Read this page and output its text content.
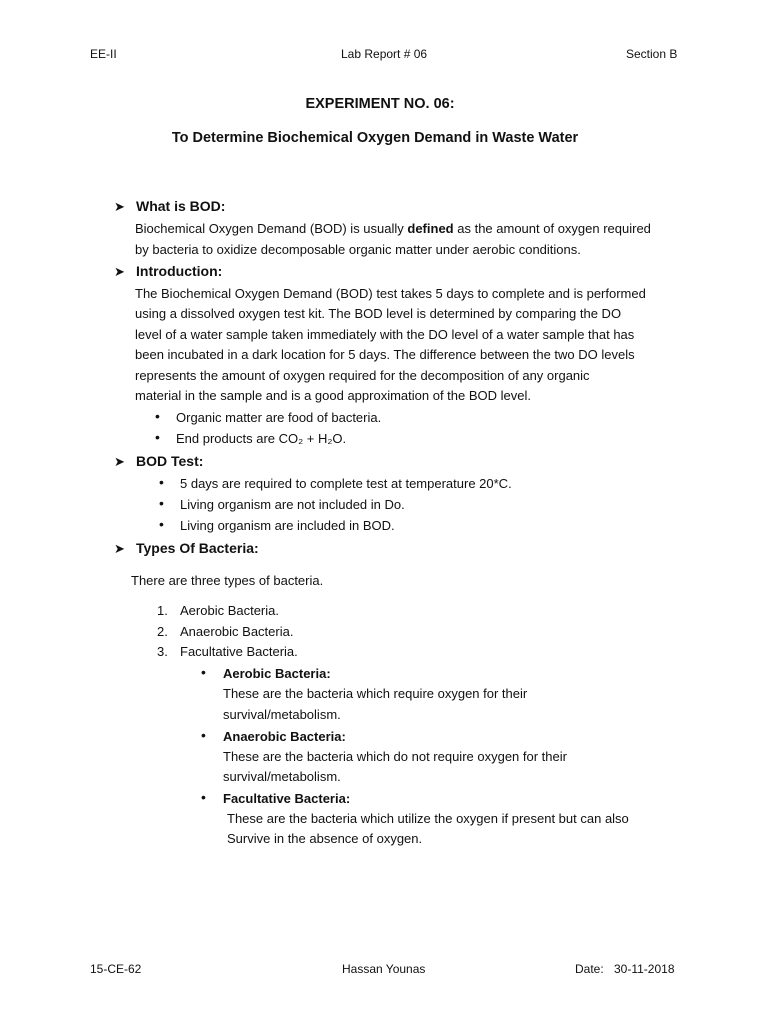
EE-II	Lab Report # 06	Section B
EXPERIMENT NO. 06:
To Determine Biochemical Oxygen Demand in Waste Water
➤ What is BOD:
Biochemical Oxygen Demand (BOD) is usually defined as the amount of oxygen required
by bacteria to oxidize decomposable organic matter under aerobic conditions.
➤ Introduction:
The Biochemical Oxygen Demand (BOD) test takes 5 days to complete and is performed
using a dissolved oxygen test kit. The BOD level is determined by comparing the DO
level of a water sample taken immediately with the DO level of a water sample that has
been incubated in a dark location for 5 days. The difference between the two DO levels
represents the amount of oxygen required for the decomposition of any organic
material in the sample and is a good approximation of the BOD level.
• Organic matter are food of bacteria.
• End products are CO₂ + H₂O.
➤ BOD Test:
• 5 days are required to complete test at temperature 20*C.
• Living organism are not included in Do.
• Living organism are included in BOD.
➤ Types Of Bacteria:
There are three types of bacteria.
1. Aerobic Bacteria.
2. Anaerobic Bacteria.
3. Facultative Bacteria.
• Aerobic Bacteria:
These are the bacteria which require oxygen for their
survival/metabolism.
• Anaerobic Bacteria:
These are the bacteria which do not require oxygen for their
survival/metabolism.
• Facultative Bacteria:
These are the bacteria which utilize the oxygen if present but can also
Survive in the absence of oxygen.
15-CE-62	Hassan Younas	Date: 30-11-2018
